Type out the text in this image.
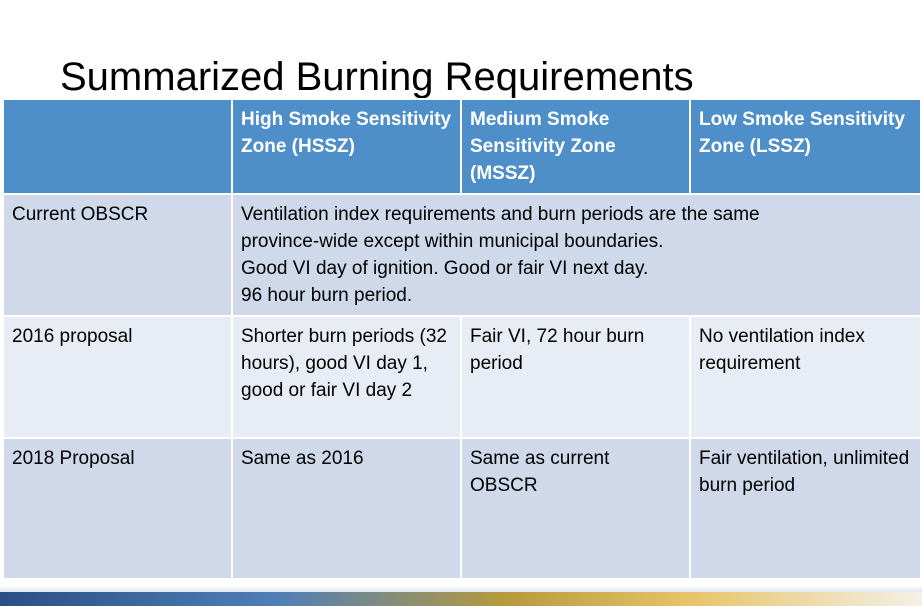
Summarized Burning Requirements
	High Smoke Sensitivity Zone (HSSZ)	Medium Smoke Sensitivity Zone (MSSZ)	Low Smoke Sensitivity Zone (LSSZ)
Current OBSCR	Ventilation index requirements and burn periods are the same
province-wide except within municipal boundaries.
Good VI day of ignition. Good or fair VI next day.
96 hour burn period.		

2016 proposal	Shorter burn periods (32 hours), good VI day 1, good or fair VI day 2	Fair VI, 72 hour burn period	No ventilation index requirement
2018 Proposal	Same as 2016	Same as current OBSCR	Fair ventilation, unlimited burn period
